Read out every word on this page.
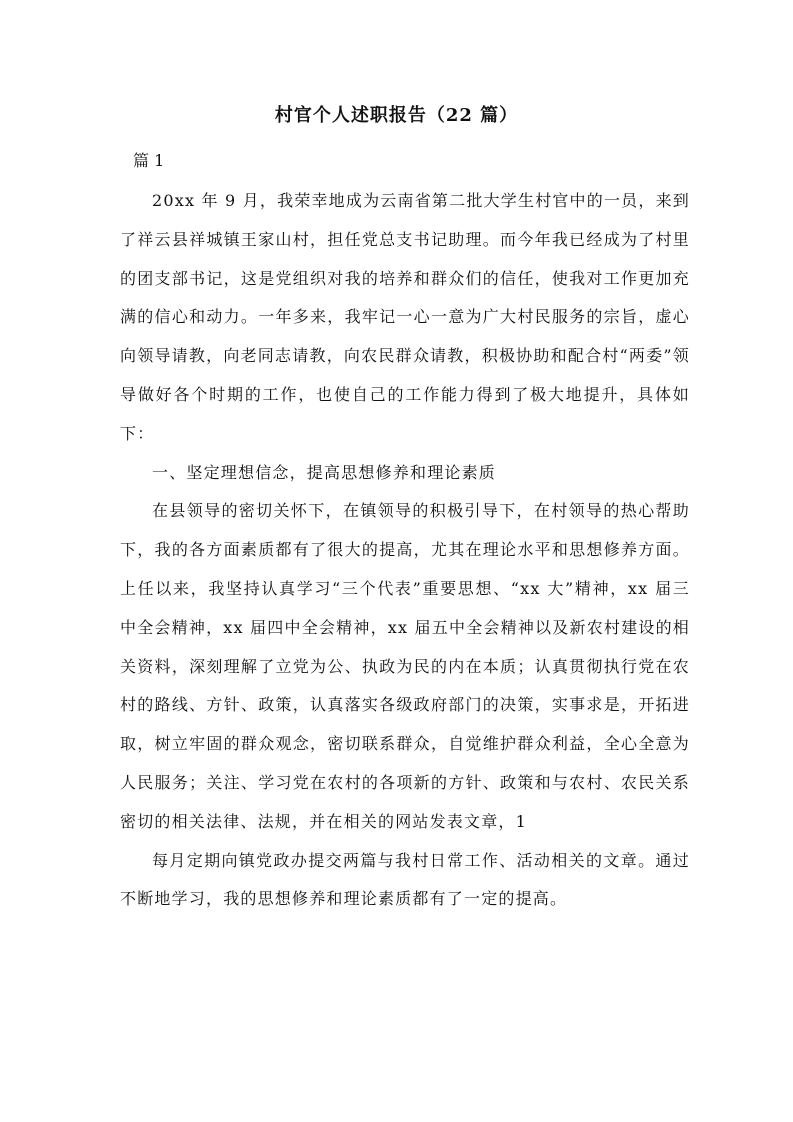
村官个人述职报告（22 篇）
篇 1

20xx 年 9 月，我荣幸地成为云南省第二批大学生村官中的一员，来到了祥云县祥城镇王家山村，担任党总支书记助理。而今年我已经成为了村里的团支部书记，这是党组织对我的培养和群众们的信任，使我对工作更加充满的信心和动力。一年多来，我牢记一心一意为广大村民服务的宗旨，虚心向领导请教，向老同志请教，向农民群众请教，积极协助和配合村“两委”领导做好各个时期的工作，也使自己的工作能力得到了极大地提升，具体如下：

一、坚定理想信念，提高思想修养和理论素质

在县领导的密切关怀下，在镇领导的积极引导下，在村领导的热心帮助下，我的各方面素质都有了很大的提高，尤其在理论水平和思想修养方面。上任以来，我坚持认真学习“三个代表”重要思想、“xx 大”精神，xx 届三中全会精神，xx 届四中全会精神，xx 届五中全会精神以及新农村建设的相关资料，深刻理解了立党为公、执政为民的内在本质；认真贯彻执行党在农村的路线、方针、政策，认真落实各级政府部门的决策，实事求是，开拓进取，树立牢固的群众观念，密切联系群众，自觉维护群众利益，全心全意为人民服务；关注、学习党在农村的各项新的方针、政策和与农村、农民关系密切的相关法律、法规，并在相关的网站发表文章，1

每月定期向镇党政办提交两篇与我村日常工作、活动相关的文章。通过不断地学习，我的思想修养和理论素质都有了一定的提高。
